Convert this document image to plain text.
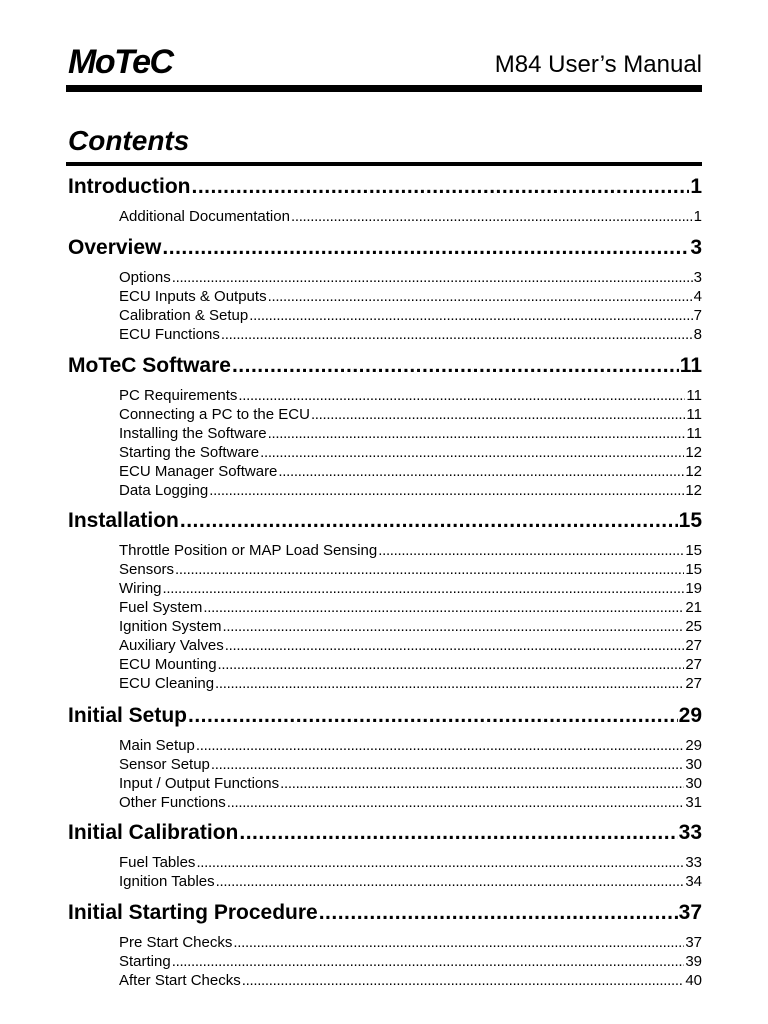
MoTeC	M84 User’s Manual
Contents
Introduction .....	1
Additional Documentation .....	1
Overview .....	3
Options .....	3
ECU Inputs & Outputs .....	4
Calibration & Setup .....	7
ECU Functions .....	8
MoTeC Software .....	11
PC Requirements .....	11
Connecting a PC to the ECU .....	11
Installing the Software .....	11
Starting the Software .....	12
ECU Manager Software .....	12
Data Logging .....	12
Installation .....	15
Throttle Position or MAP Load Sensing .....	15
Sensors .....	15
Wiring .....	19
Fuel System .....	21
Ignition System .....	25
Auxiliary Valves .....	27
ECU Mounting .....	27
ECU Cleaning .....	27
Initial Setup .....	29
Main Setup .....	29
Sensor Setup .....	30
Input / Output Functions .....	30
Other Functions .....	31
Initial Calibration .....	33
Fuel Tables .....	33
Ignition Tables .....	34
Initial Starting Procedure .....	37
Pre Start Checks .....	37
Starting .....	39
After Start Checks .....	40
